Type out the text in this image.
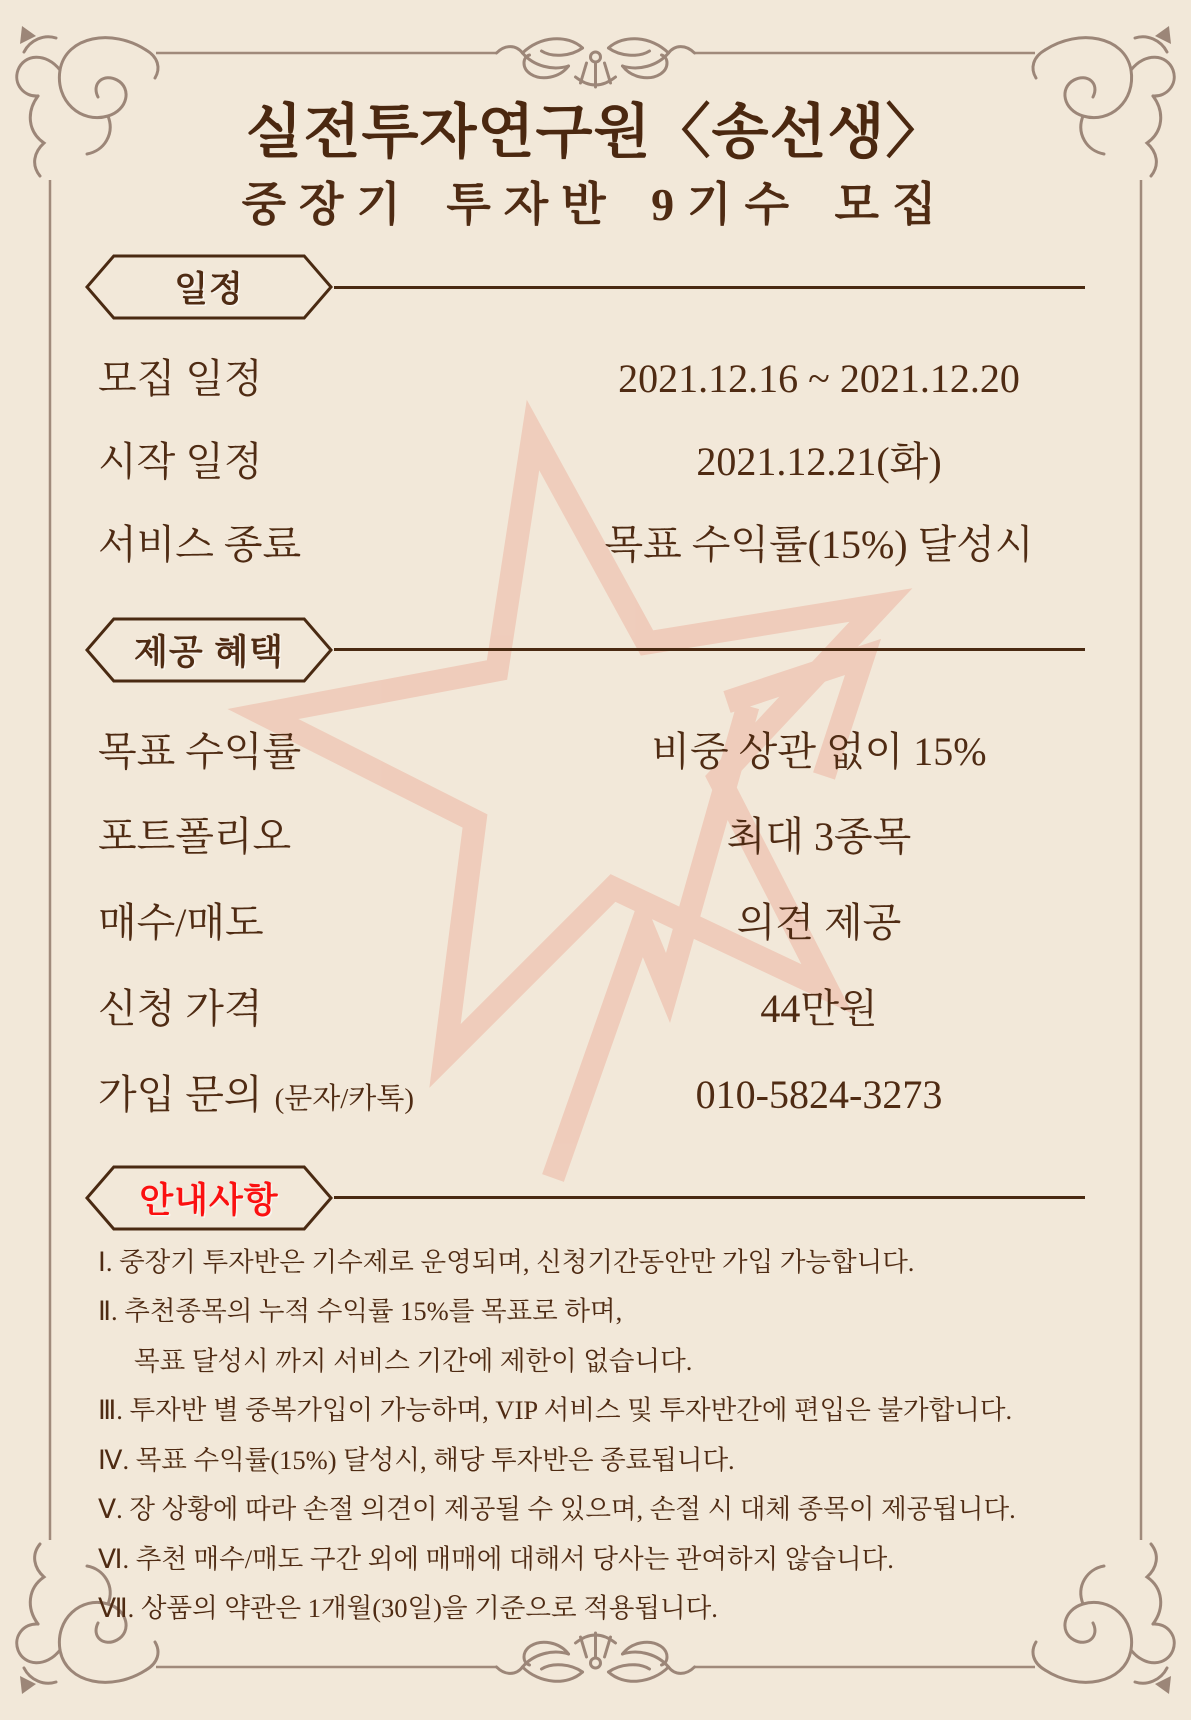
실전투자연구원〈송선생〉
중장기 투자반 9기수 모집
일정
모집 일정	2021.12.16 ~ 2021.12.20
시작 일정	2021.12.21(화)
서비스 종료	목표 수익률(15%) 달성시
제공 혜택
목표 수익률	비중 상관 없이 15%
포트폴리오	최대 3종목
매수/매도	의견 제공
신청 가격	44만원
가입 문의 (문자/카톡)	010-5824-3273
안내사항
Ⅰ. 중장기 투자반은 기수제로 운영되며, 신청기간동안만 가입 가능합니다.
Ⅱ. 추천종목의 누적 수익률 15%를 목표로 하며,
목표 달성시 까지 서비스 기간에 제한이 없습니다.
Ⅲ. 투자반 별 중복가입이 가능하며, VIP 서비스 및 투자반간에 편입은 불가합니다.
Ⅳ. 목표 수익률(15%) 달성시, 해당 투자반은 종료됩니다.
Ⅴ. 장 상황에 따라 손절 의견이 제공될 수 있으며, 손절 시 대체 종목이 제공됩니다.
Ⅵ. 추천 매수/매도 구간 외에 매매에 대해서 당사는 관여하지 않습니다.
Ⅶ. 상품의 약관은 1개월(30일)을 기준으로 적용됩니다.
